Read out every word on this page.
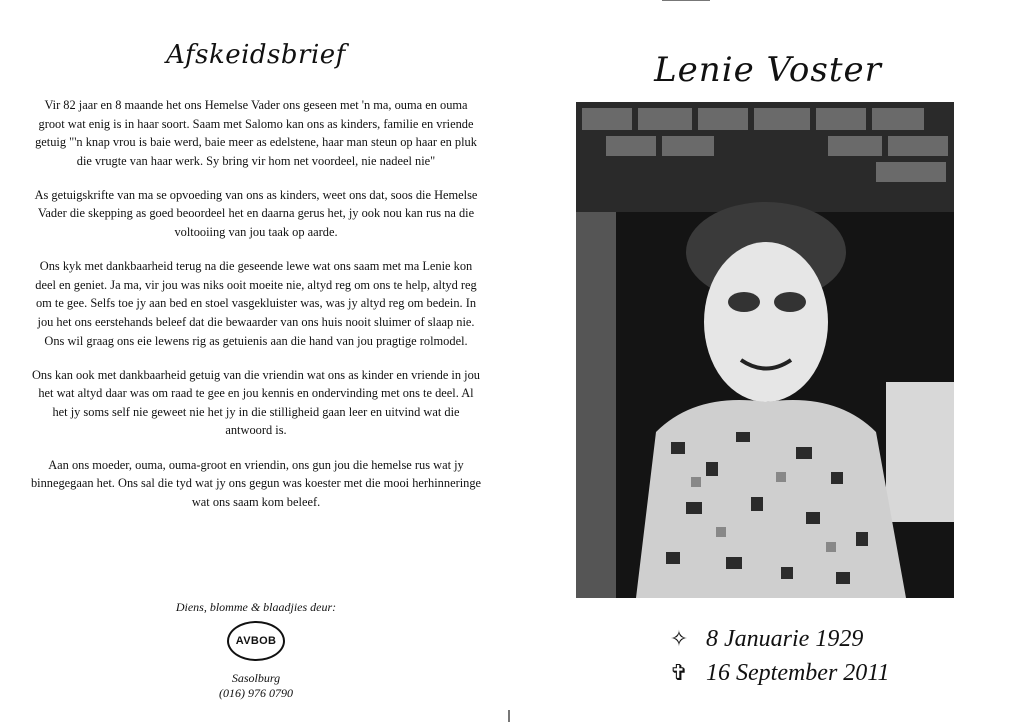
Afskeidsbrief

Vir 82 jaar en 8 maande het ons Hemelse Vader ons geseen met 'n ma, ouma en ouma groot wat enig is in haar soort. Saam met Salomo kan ons as kinders, familie en vriende getuig "'n knap vrou is baie werd, baie meer as edelstene, haar man steun op haar en pluk die vrugte van haar werk. Sy bring vir hom net voordeel, nie nadeel nie"

As getuigskrifte van ma se opvoeding van ons as kinders, weet ons dat, soos die Hemelse Vader die skepping as goed beoordeel het en daarna gerus het, jy ook nou kan rus na die voltooiing van jou taak op aarde.

Ons kyk met dankbaarheid terug na die geseende lewe wat ons saam met ma Lenie kon deel en geniet. Ja ma, vir jou was niks ooit moeite nie, altyd reg om ons te help, altyd reg om te gee. Selfs toe jy aan bed en stoel vasgekluister was, was jy altyd reg om bedein. In jou het ons eerstehands beleef dat die bewaarder van ons huis nooit sluimer of slaap nie. Ons wil graag ons eie lewens rig as getuienis aan die hand van jou pragtige rolmodel.

Ons kan ook met dankbaarheid getuig van die vriendin wat ons as kinder en vriende in jou het wat altyd daar was om raad te gee en jou kennis en ondervinding met ons te deel. Al het jy soms self nie geweet nie het jy in die stilligheid gaan leer en uitvind wat die antwoord is.

Aan ons moeder, ouma, ouma-groot en vriendin, ons gun jou die hemelse rus wat jy binnegegaan het. Ons sal die tyd wat jy ons gegun was koester met die mooi herhinneringe wat ons saam kom beleef.

Diens, blomme & blaadjies deur:
AVBOB
Sasolburg
(016) 976 0790
Lenie Voster
✧ 8 Januarie 1929
✞ 16 September 2011
